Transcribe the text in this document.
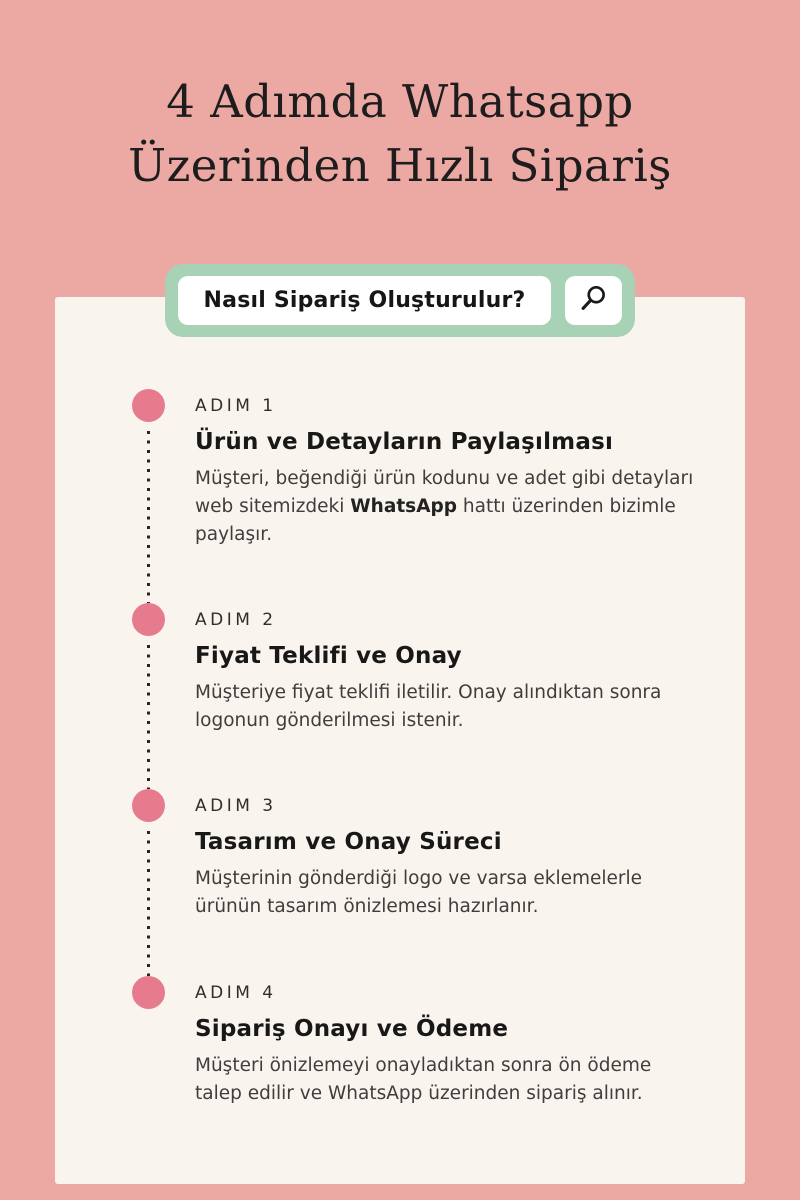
4 Adımda Whatsapp
Üzerinden Hızlı Sipariş
Nasıl Sipariş Oluşturulur?
ADIM 1
Ürün ve Detayların Paylaşılması
Müşteri, beğendiği ürün kodunu ve adet gibi detayları web sitemizdeki WhatsApp hattı üzerinden bizimle paylaşır.
ADIM 2
Fiyat Teklifi ve Onay
Müşteriye fiyat teklifi iletilir. Onay alındıktan sonra logonun gönderilmesi istenir.
ADIM 3
Tasarım ve Onay Süreci
Müşterinin gönderdiği logo ve varsa eklemelerle ürünün tasarım önizlemesi hazırlanır.
ADIM 4
Sipariş Onayı ve Ödeme
Müşteri önizlemeyi onayladıktan sonra ön ödeme talep edilir ve WhatsApp üzerinden sipariş alınır.
